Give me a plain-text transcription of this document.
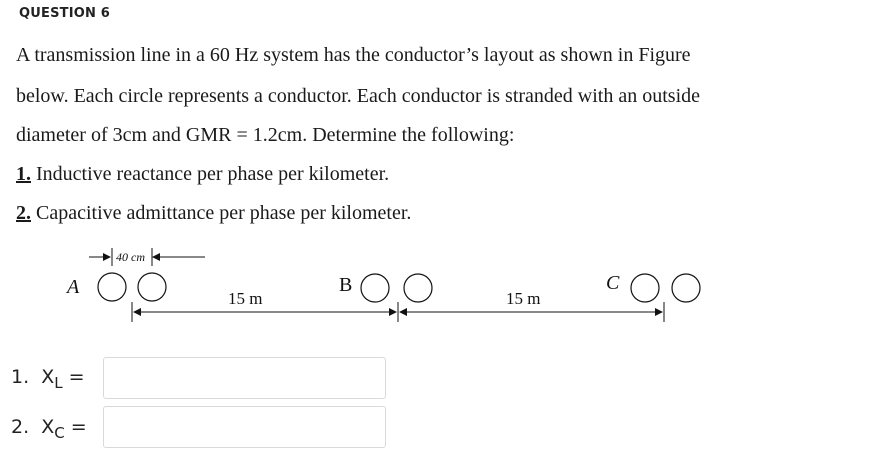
QUESTION 6
A transmission line in a 60 Hz system has the conductor’s layout as shown in Figure
below. Each circle represents a conductor. Each conductor is stranded with an outside
diameter of 3cm and GMR = 1.2cm. Determine the following:
1. Inductive reactance per phase per kilometer.
2. Capacitive admittance per phase per kilometer.
40 cm
A	B	C
15 m	15 m
1. $X_L$ =
2. $X_C$ =
